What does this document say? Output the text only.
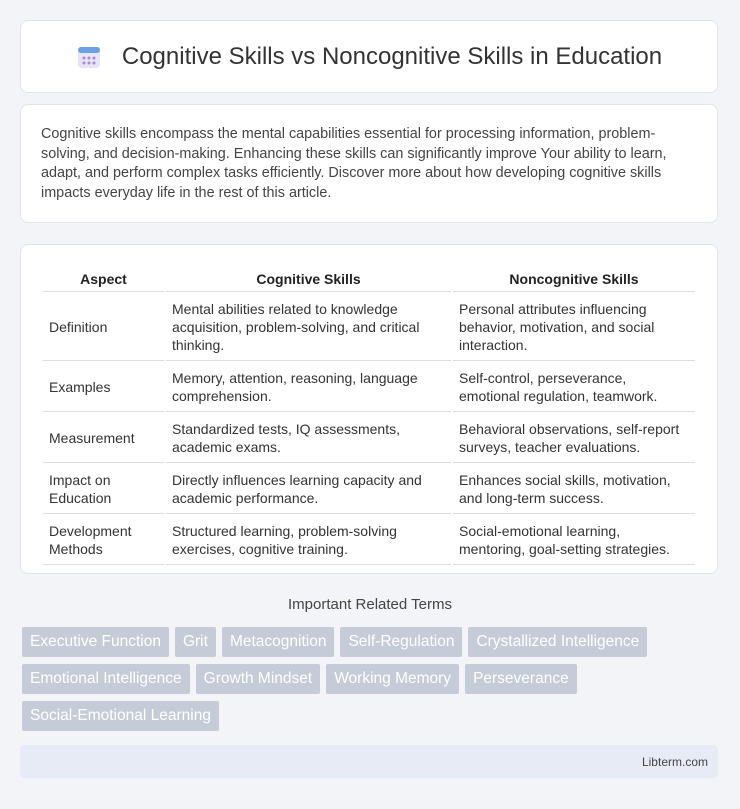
Cognitive Skills vs Noncognitive Skills in Education

Cognitive skills encompass the mental capabilities essential for processing information, problem-solving, and decision-making. Enhancing these skills can significantly improve Your ability to learn, adapt, and perform complex tasks efficiently. Discover more about how developing cognitive skills impacts everyday life in the rest of this article.

Aspect	Cognitive Skills	Noncognitive Skills
Definition	Mental abilities related to knowledge acquisition, problem-solving, and critical thinking.	Personal attributes influencing behavior, motivation, and social interaction.
Examples	Memory, attention, reasoning, language comprehension.	Self-control, perseverance, emotional regulation, teamwork.
Measurement	Standardized tests, IQ assessments, academic exams.	Behavioral observations, self-report surveys, teacher evaluations.
Impact on Education	Directly influences learning capacity and academic performance.	Enhances social skills, motivation, and long-term success.
Development Methods	Structured learning, problem-solving exercises, cognitive training.	Social-emotional learning, mentoring, goal-setting strategies.
Important Related Terms
Executive Function	Grit	Metacognition	Self-Regulation	Crystallized Intelligence
Emotional Intelligence	Growth Mindset	Working Memory	Perseverance
Social-Emotional Learning
Libterm.com
